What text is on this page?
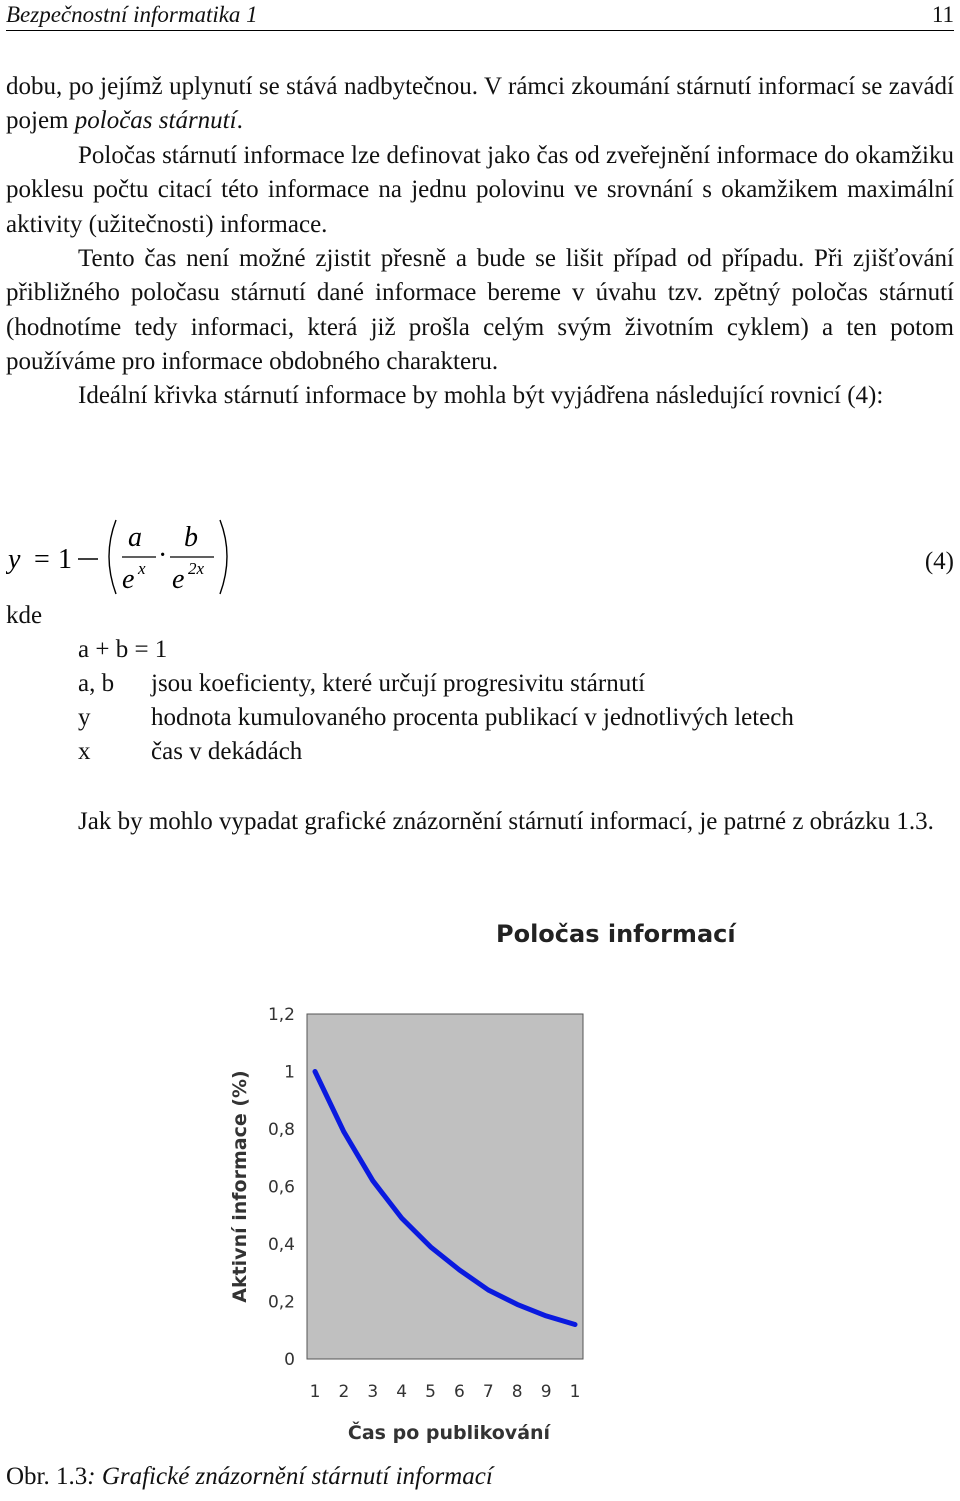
Bezpečnostní informatika 1	11

dobu, po jejímž uplynutí se stává nadbytečnou. V rámci zkoumání stárnutí informací se zavádí pojem poločas stárnutí.

Poločas stárnutí informace lze definovat jako čas od zveřejnění informace do okamžiku poklesu počtu citací této informace na jednu polovinu ve srovnání s okamžikem maximální aktivity (užitečnosti) informace.

Tento čas není možné zjistit přesně a bude se lišit případ od případu. Při zjišťování přibližného poločasu stárnutí dané informace bereme v úvahu tzv. zpětný poločas stárnutí (hodnotíme tedy informaci, která již prošla celým svým životním cyklem) a ten potom používáme pro informace obdobného charakteru.

Ideální křivka stárnutí informace by mohla být vyjádřena následující rovnicí (4):

y = 1
a
e x ·
b
e 2x	(4)
kde
a + b = 1
a, b jsou koeficienty, které určují progresivitu stárnutí
y hodnota kumulovaného procenta publikací v jednotlivých letech
x čas v dekádách

Jak by mohlo vypadat grafické znázornění stárnutí informací, je patrné z obrázku 1.3.

Poločas informací
0
0,2
0,4
0,6
0,8
1
1,2
1 2 3 4 5 6 7 8 9 1
Čas po publikování
Aktivní informace (%)
Obr. 1.3: Grafické znázornění stárnutí informací
